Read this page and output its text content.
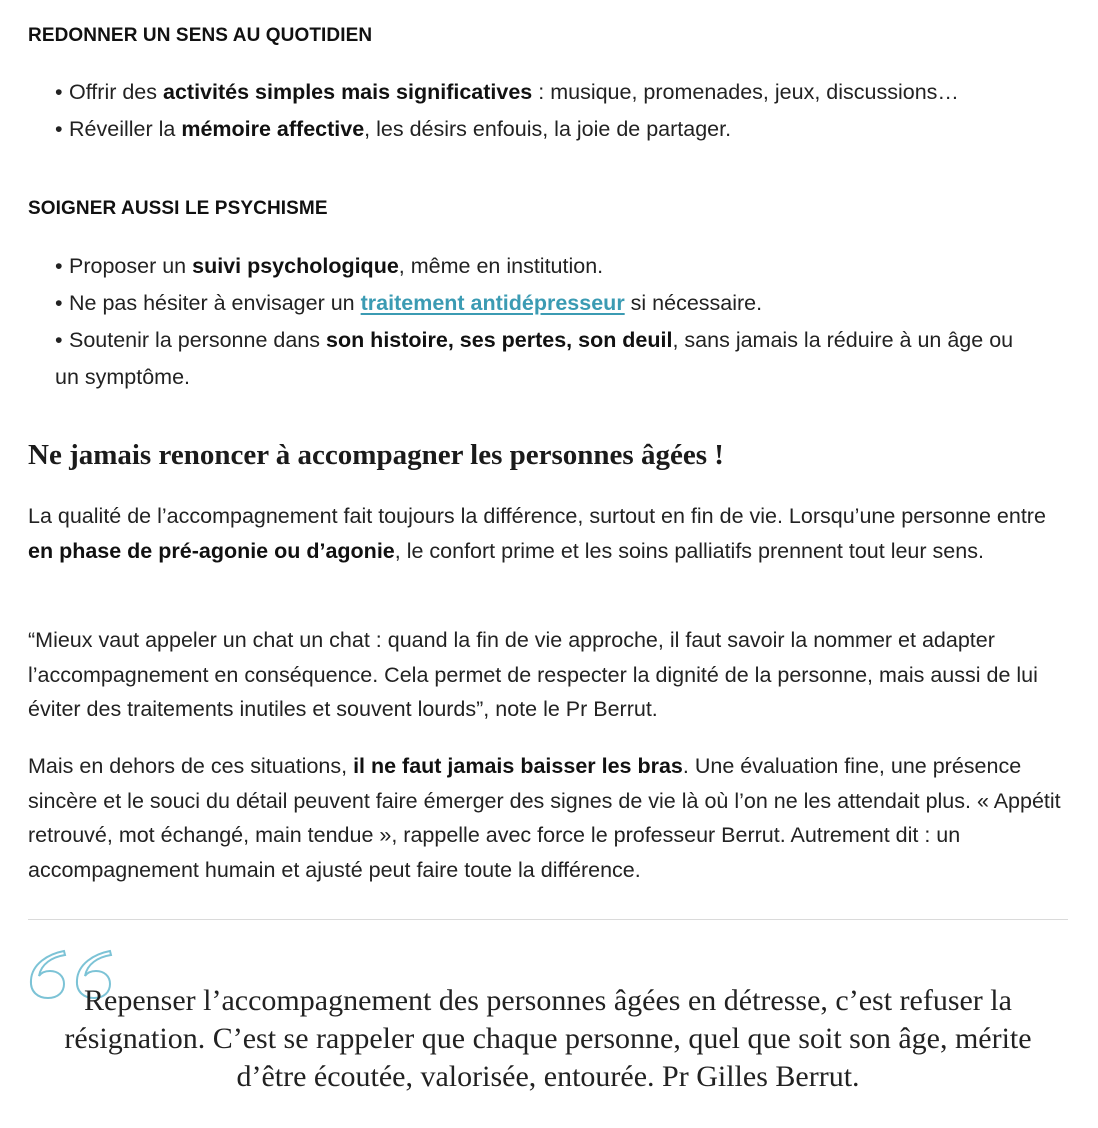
REDONNER UN SENS AU QUOTIDIEN
• Offrir des activités simples mais significatives : musique, promenades, jeux, discussions…
• Réveiller la mémoire affective, les désirs enfouis, la joie de partager.
SOIGNER AUSSI LE PSYCHISME
• Proposer un suivi psychologique, même en institution.
• Ne pas hésiter à envisager un traitement antidépresseur si nécessaire.
• Soutenir la personne dans son histoire, ses pertes, son deuil, sans jamais la réduire à un âge ou
un symptôme.
Ne jamais renoncer à accompagner les personnes âgées !

La qualité de l’accompagnement fait toujours la différence, surtout en fin de vie. Lorsqu’une personne entre en phase de pré-agonie ou d’agonie, le confort prime et les soins palliatifs prennent tout leur sens.

“Mieux vaut appeler un chat un chat : quand la fin de vie approche, il faut savoir la nommer et adapter l’accompagnement en conséquence. Cela permet de respecter la dignité de la personne, mais aussi de lui éviter des traitements inutiles et souvent lourds”, note le Pr Berrut.

Mais en dehors de ces situations, il ne faut jamais baisser les bras. Une évaluation fine, une présence sincère et le souci du détail peuvent faire émerger des signes de vie là où l’on ne les attendait plus. « Appétit retrouvé, mot échangé, main tendue », rappelle avec force le professeur Berrut. Autrement dit : un accompagnement humain et ajusté peut faire toute la différence.

Repenser l’accompagnement des personnes âgées en détresse, c’est refuser la résignation. C’est se rappeler que chaque personne, quel que soit son âge, mérite d’être écoutée, valorisée, entourée. Pr Gilles Berrut.
